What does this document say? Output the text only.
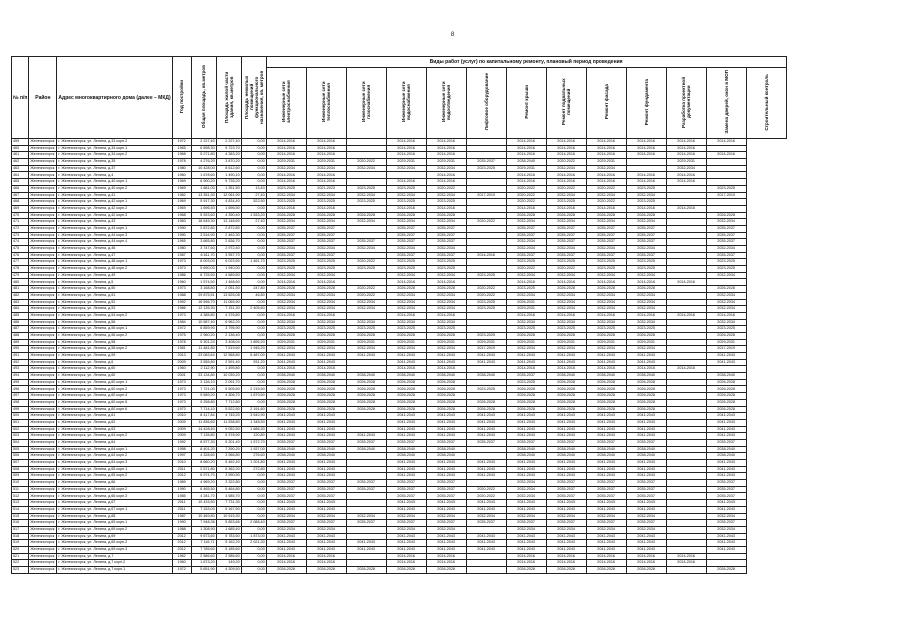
8
№ п/п	Район	Адрес многоквартирного дома (далее – МКД)	Год постройки	Общая площадь, кв.метров	Площадь жилой части здания, кв.метров	Площадь нежилых помещений функционального назначения, кв. метров	Виды работ (услуг) по капитальному ремонту, плановый период проведения												
							Инженерные сети электроснабжения	Инженерные сети теплоснабжения	Инженерные сети газоснабжения	Инженерные сети водоснабжения	Инженерные сети водоотведения	Лифтовое оборудование	Ремонт крыши	Ремонт подвальных помещений	Ремонт фасада	Ремонт фундамента	Разработка проектной документации	Замена дверей, окон в МОП	Строительный контроль
459	Железногорск	г. Железногорск, ул. Ленина, д.33 корп.2	1972	2 227,40	2 227,40	0,00	2014-2016	2014-2016		2014-2016	2014-2016		2014-2016	2014-2016	2014-2016	2014-2016	2014-2016	2014-2016	
460	Железногорск	г. Железногорск, ул. Ленина, д.34 корп.1	1965	6 898,30	5 723,70	0,00	2014-2016	2014-2016		2014-2016	2014-2016		2014-2016	2014-2016	2014-2016	2014-2016	2014-2016		
461	Железногорск	г. Железногорск, ул. Ленина, д.34 корп.2	1968	5 271,80	4 383,20	0,00	2014-2016	2014-2016		2014-2016	2014-2016		2014-2016	2014-2016	2014-2016	2014-2016	2014-2016	2014-2016	
462	Железногорск	г. Железногорск, ул. Ленина, д.35	1978	4 276,20	3 870,20	0,00	2029-2031	2029-2031	2020-2022	2029-2031	2029-2031	2035-2037	2038-2040	2020-2022	2029-2031		2029-2031		
463	Железногорск	г. Железногорск, ул. Ленина, д.37	1980	10 428,00	8 612,60	0,00	2032-2034	2032-2034	2032-2034	2032-2034	2032-2034	2023-2025	2029-2031	2032-2034	2032-2034		2032-2034		
464	Железногорск	г. Железногорск, ул. Ленина, д.4	1960	1 678,60	1 490,10	0,00	2014-2016	2014-2016			2014-2016		2014-2016	2014-2016	2014-2016	2014-2016	2014-2016		
465	Железногорск	г. Железногорск, ул. Ленина, д.40 корп.1	1969	6 900,20	5 735,20	0,00	2014-2016	2014-2016		2014-2016	2014-2016		2014-2016	2014-2016	2014-2016	2014-2016	2014-2016		
466	Железногорск	г. Железногорск, ул. Ленина, д.40 корп.2	1969	1 681,00	1 351,50	13,40	2023-2025	2021-2023	2023-2025	2023-2025	2020-2022		2020-2022	2020-2022	2020-2022	2023-2025		2023-2025	
467	Железногорск	г. Железногорск, ул. Ленина, д.41	1982	13 351,30	12 061,90	27,40	2032-2034	2032-2034	2032-2034	2032-2034	2032-2034	2017-2019	2020-2022	2032-2034	2032-2034	2032-2034		2017-2019	
468	Железногорск	г. Железногорск, ул. Ленина, д.42 корп.1	1969	5 917,30	4 834,40	522,50	2023-2025	2023-2025	2023-2025	2023-2025	2023-2025		2020-2022	2023-2025	2020-2022	2023-2025			
469	Железногорск	г. Железногорск, ул. Ленина, д.42 корп.2	1969	1 696,50	1 696,50	0,00	2014-2016	2014-2016		2014-2016	2014-2016		2014-2016	2014-2016	2014-2016	2014-2016	2014-2016		
470	Железногорск	г. Железногорск, ул. Ленина, д.42 корп.3	1968	5 923,60	4 390,40	1 533,20	2026-2028	2026-2028	2026-2028	2026-2028	2026-2028		2026-2028	2026-2028	2026-2028	2026-2028		2026-2028	
471	Железногорск	г. Железногорск, ул. Ленина, д.43	1983	18 645,30	13 148,60	27,40	2032-2034	2032-2034	2032-2034	2032-2034	2032-2034	2020-2022	2032-2034	2032-2034	2032-2034	2032-2034		2032-2034	
472	Железногорск	г. Железногорск, ул. Ленина, д.44 корп.1	1990	2 872,80	2 872,80	0,00	2035-2037	2035-2037		2035-2037	2035-2037		2035-2037	2035-2037	2035-2037	2035-2037		2035-2037	
473	Железногорск	г. Железногорск, ул. Ленина, д.44 корп.3	1990	3 516,90	2 462,30	0,00	2035-2037	2035-2037		2035-2037	2035-2037		2035-2037	2035-2037	2035-2037	2035-2037		2035-2037	
474	Железногорск	г. Железногорск, ул. Ленина, д.44 корп.4	1965	3 665,80	2 836,70	0,00	2035-2037	2035-2037	2035-2037	2035-2037	2035-2037		2032-2034	2035-2037	2035-2037	2035-2037		2035-2037	
475	Железногорск	г. Железногорск, ул. Ленина, д.46	1980	3 747,60	2 972,40	0,00	2032-2034	2032-2034	2032-2034	2032-2034	2032-2034		2032-2034	2032-2034	2032-2034	2032-2034		2032-2034	
476	Железногорск	г. Железногорск, ул. Ленина, д.47	1987	6 611,70	3 957,70	0,00	2035-2037	2035-2037		2035-2037	2035-2037	2014-2016	2035-2037	2035-2037	2035-2037	2035-2037		2035-2037	
477	Железногорск	г. Железногорск, ул. Ленина, д.48 корп.1	1973	8 003,00	6 023,50	1 461,70	2023-2025	2023-2025	2020-2022	2023-2025	2023-2025		2023-2025	2023-2025	2023-2025	2023-2025		2023-2025	
478	Железногорск	г. Железногорск, ул. Ленина, д.48 корп.2	1973	5 690,00	1 940,00	0,00	2023-2025	2023-2025	2023-2025	2023-2025	2023-2025		2020-2022	2020-2022	2023-2025	2023-2025		2023-2025	
479	Железногорск	г. Железногорск, ул. Ленина, д.49	1986	6 725,50	4 689,60	0,00	2032-2034	2032-2034		2032-2034	2032-2034	2023-2025	2032-2034	2032-2034	2032-2034	2032-2034		2032-2034	
480	Железногорск	г. Железногорск, ул. Ленина, д.5	1960	1 574,50	1 468,60	0,00	2014-2016	2014-2016		2014-2016	2014-2016		2014-2016	2014-2016	2014-2016	2014-2016	2014-2016		
481	Железногорск	г. Железногорск, ул. Ленина, д.50	1973	3 168,80	2 051,50	247,80	2026-2028	2026-2028	2020-2022	2026-2028	2026-2028	2020-2022	2023-2025	2026-2028	2026-2028	2026-2028		2026-2028	
482	Железногорск	г. Железногорск, ул. Ленина, д.51	1988	29 875,51	13 625,08	46,80	2032-2034	2032-2034	2020-2022	2032-2034	2032-2034	2020-2022	2032-2034	2032-2034	2032-2034	2032-2034		2032-2034	
483	Железногорск	г. Железногорск, ул. Ленина, д.52	1992	16 596,70	11 065,90	0,00	2032-2034	2032-2034	2032-2034	2032-2034	2032-2034	2023-2025	2026-2031	2032-2034	2032-2034	2032-2034		2032-2034	
484	Железногорск	г. Железногорск, ул. Ленина, д.53	1986	12 135,30	7 151,30	2 405,60	2032-2034	2032-2034	2032-2034	2032-2034	2032-2034	2023-2025	2029-2031	2032-2034	2032-2034	2032-2034		2032-2034	
485	Железногорск	г. Железногорск, ул. Ленина, д.54 корп.2	1973	4 385,80	4 376,80	0,00	2014-2016	2014-2016		2014-2016	2014-2016		2014-2016	2014-2016	2014-2016	2014-2016	2014-2016	2014-2016	
486	Железногорск	г. Железногорск, ул. Ленина, д.56	1984	10 587,40	6 962,20	0,00	2032-2034	2032-2034	2032-2034	2032-2034	2032-2034		2032-2034	2032-2034	2032-2034	2032-2034		2032-2034	
487	Железногорск	г. Железногорск, ул. Ленина, д.56 корп.1	1972	6 859,90	3 795,90	0,00	2023-2025	2023-2025	2023-2025	2023-2025	2023-2025		2023-2025	2023-2025	2023-2025	2023-2025		2023-2025	
488	Железногорск	г. Железногорск, ул. Ленина, д.56 корп.2	1975	2 960,20	2 136,40	0,00	2026-2028	2026-2028	2026-2028	2026-2028	2026-2028	2023-2025	2026-2028	2026-2028	2026-2028	2026-2028		2026-2028	
489	Железногорск	г. Железногорск, ул. Ленина, д.58	1978	5 301,24	3 408,04	1 895,20	2029-2031	2029-2031	2029-2031	2029-2031	2029-2031	2029-2031	2029-2031	2029-2031	2029-2031	2029-2031		2029-2031	
490	Железногорск	г. Железногорск, ул. Ленина, д.58 корп.2	1981	11 481,80	7 519,60	1 945,20	2032-2034	2032-2034	2032-2034	2032-2034	2032-2034	2017-2019	2032-2034	2032-2034	2032-2034	2032-2034		2017-2019	
491	Железногорск	г. Железногорск, ул. Ленина, д.59	2013	23 083,64	12 568,80	5 487,00	2041-2043	2041-2043	2041-2043	2041-2043	2041-2043	2041-2043	2041-2043	2041-2043	2041-2043	2041-2043		2041-2043	
492	Железногорск	г. Железногорск, ул. Ленина, д.6	2009	3 555,80	2 591,40	931,20	2041-2043	2041-2043		2041-2043	2041-2043	2041-2043	2041-2043	2041-2043	2041-2043	2041-2043		2041-2043	
493	Железногорск	г. Железногорск, ул. Ленина, д.60	1960	2 112,90	1 495,80	0,00	2014-2016	2014-2016		2014-2016	2014-2016		2014-2016	2014-2016	2014-2016	2014-2016	2014-2016		
494	Железногорск	г. Железногорск, ул. Ленина, д.60	2001	23 134,80	10 039,20	0,00	2038-2040	2038-2040	2038-2040	2038-2040	2038-2040	2038-2040	2035-2037	2038-2040	2038-2040	2038-2040		2038-2040	
495	Железногорск	г. Железногорск, ул. Ленина, д.60 корп.1	1973	3 136,10	2 091,70	0,00	2026-2028	2026-2028	2026-2028	2026-2028	2026-2028		2023-2025	2026-2028	2026-2028	2026-2028		2026-2028	
496	Железногорск	г. Железногорск, ул. Ленина, д.60 корп.2	1973	7 721,00	5 505,50	2 215,50	2026-2028	2026-2028	2026-2028	2026-2028	2026-2028	2023-2025	2026-2028	2026-2028	2026-2028	2026-2028		2026-2028	
497	Железногорск	г. Железногорск, ул. Ленина, д.60 корп.4	1973	9 589,20	4 306,70	1 879,50	2026-2028	2026-2028	2026-2028	2026-2028	2026-2028		2026-2028	2026-2028	2026-2028	2026-2028		2026-2028	
498	Железногорск	г. Железногорск, ул. Ленина, д.60 корп.5	1973	9 258,80	7 712,80	0,00	2026-2028	2026-2028	2026-2028	2026-2028	2026-2028	2026-2028	2026-2028	2026-2028	2026-2028	2026-2028		2026-2028	
499	Железногорск	г. Железногорск, ул. Ленина, д.60 корп.6	1973	7 714,10	5 522,50	2 191,60	2026-2028	2026-2028	2026-2028	2026-2028	2026-2028	2026-2028	2026-2028	2026-2028	2026-2028	2026-2028		2026-2028	
500	Железногорск	г. Железногорск, ул. Ленина, д.61	2010	8 417,84	4 745,20	3 542,90	2041-2043	2041-2043		2041-2043	2041-2043	2041-2043	2041-2043	2041-2043	2041-2043	2041-2043		2041-2043	
501	Железногорск	г. Железногорск, ул. Ленина, д.62	2009	11 836,60	11 538,80	1 348,50	2041-2043	2041-2043		2041-2043	2041-2043	2041-2043	2041-2043	2041-2043	2041-2043	2041-2043		2041-2043	
502	Железногорск	г. Железногорск, ул. Ленина, д.63	2009	14 428,40	9 052,50	1 686,30	2041-2043	2041-2043		2041-2043	2041-2043	2041-2043	2041-2043	2041-2043	2041-2043	2041-2043		2041-2043	
503	Железногорск	г. Железногорск, ул. Ленина, д.64 корп.2	2009	7 135,80	5 378,90	120,80	2041-2043	2041-2043	2041-2043	2041-2043	2041-2043	2041-2043	2041-2043	2041-2043	2041-2043	2041-2043		2041-2043	
504	Железногорск	г. Железногорск, ул. Ленина, д.64	1992	8 577,30	5 201,40	1 572,70	2035-2037	2035-2037	2035-2037	2035-2037	2035-2037	2035-2037	2035-2037	2035-2037	2035-2037	2035-2037		2035-2037	
505	Железногорск	г. Железногорск, ул. Ленина, д.64 корп.1	1998	8 401,20	7 390,20	1 937,00	2038-2040	2038-2040	2038-2040	2038-2040	2038-2040		2038-2040	2038-2040	2038-2040	2038-2040		2038-2040	
506	Железногорск	г. Железногорск, ул. Ленина, д.64 корп.2	1997	4 328,60	3 966,80	276,60	2038-2040	2038-2040		2038-2040	2038-2040		2038-2040	2038-2040	2038-2040	2038-2040		2038-2040	
507	Железногорск	г. Железногорск, ул. Ленина, д.64 корп.3	2010	8 660,20	5 462,40	1 201,80	2041-2043	2041-2043		2041-2043	2041-2043	2041-2043	2041-2043	2041-2043	2041-2043	2041-2043		2041-2043	
508	Железногорск	г. Железногорск, ул. Ленина, д.65 корп.1	2011	2 571,80	5 362,20	272,80	2041-2043	2041-2043		2041-2043	2041-2043	2041-2043	2041-2043	2041-2043	2041-2043	2041-2043		2041-2043	
509	Железногорск	г. Железногорск, ул. Ленина, д.65 корп.2	2012	6 974,70	3 990,50	0,00	2041-2043	2041-2043		2041-2043	2041-2043	2041-2043	2041-2043	2041-2043	2041-2043	2041-2043		2041-2043	
510	Железногорск	г. Железногорск, ул. Ленина, д.66	1989	4 969,20	3 322,80	0,00	2035-2037	2035-2037	2035-2037	2035-2037	2035-2037		2032-2034	2035-2037	2035-2037	2035-2037		2035-2037	
511	Железногорск	г. Железногорск, ул. Ленина, д.66 корп.2	1990	6 465,50	5 464,80	0,00	2035-2037	2035-2037	2035-2037	2035-2037	2035-2037	2020-2022	2032-2034	2035-2037	2035-2037	2035-2037		2035-2037	
512	Железногорск	г. Железногорск, ул. Ленина, д.66 корп.3	1985	4 281,70	3 585,70	0,00	2035-2037	2035-2037		2035-2037	2035-2037	2020-2022	2032-2034	2035-2037	2035-2037	2035-2037		2035-2037	
513	Железногорск	г. Железногорск, ул. Ленина, д.67	2011	10 433,50	7 731,30	0,00	2041-2043	2041-2043		2041-2043	2041-2043	2041-2043	2041-2043	2041-2043	2041-2043	2041-2043		2041-2043	
514	Железногорск	г. Железногорск, ул. Ленина, д.67 корп.1	2011	7 153,00	5 167,50	0,00	2041-2043	2041-2043		2041-2043	2041-2043	2041-2043	2041-2043	2041-2043	2041-2043	2041-2043		2041-2043	
515	Железногорск	г. Железногорск, ул. Ленина, д.68	1987	10 469,80	10 515,30	0,00	2032-2034	2032-2034	2032-2034	2032-2034	2032-2034	2032-2034	2032-2034	2032-2034	2032-2034	2032-2034		2032-2034	
516	Железногорск	г. Железногорск, ул. Ленина, д.69 корп.1	1990	7 948,36	5 853,66	2 088,40	2035-2037	2035-2037	2035-2037	2035-2037	2035-2037	2035-2037	2035-2037	2035-2037	2035-2037	2035-2037		2035-2037	
517	Железногорск	г. Железногорск, ул. Ленина, д.69 корп.2	1988	1 308,90	1 685,40	0,00	2032-2034	2032-2034		2032-2034	2032-2034		2032-2034	2032-2034	2032-2034	2032-2034		2032-2034	
518	Железногорск	г. Железногорск, ул. Ленина, д.69	2012	9 673,60	5 783,60	1 873,00	2041-2043	2041-2043		2041-2043	2041-2043	2041-2043	2041-2043	2041-2043	2041-2043	2041-2043		2041-2043	
519	Железногорск	г. Железногорск, ул. Ленина, д.69 корп.2	2012	7 116,71	5 162,20	2 021,30	2041-2043	2041-2043	2041-2043	2041-2043	2041-2043	2041-2043	2041-2043	2041-2043	2041-2043	2041-2043		2041-2043	
520	Железногорск	г. Железногорск, ул. Ленина, д.69 корп.3	2012	7 785,60	5 185,60	0,00	2041-2043	2041-2043	2041-2043	2041-2043	2041-2043	2041-2043	2041-2043	2041-2043	2041-2043	2041-2043		2041-2043	
521	Железногорск	г. Железногорск, ул. Ленина, д.7	1962	2 586,60	2 586,60	0,00	2014-2016	2014-2016		2014-2016	2014-2016		2014-2016	2014-2016	2014-2016	2014-2016	2014-2016		
522	Железногорск	г. Железногорск, ул. Ленина, д.7 корп.2	1960	1 673,20	149,20	0,00	2014-2016	2014-2016		2014-2016	2014-2016		2014-2016	2014-2016	2014-2016	2014-2016	2014-2016		
523	Железногорск	г. Железногорск, ул. Ленина, д.7 корп.1	1972	5 651,90	4 309,50	0,00	2026-2028	2026-2028	2026-2028	2026-2028	2026-2028		2026-2028	2026-2028	2026-2028	2026-2028		2026-2028	
